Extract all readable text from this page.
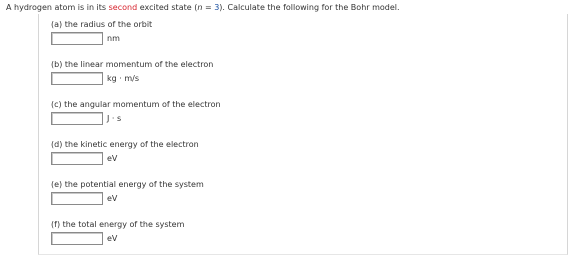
A hydrogen atom is in its second excited state (n = 3). Calculate the following for the Bohr model.
(a) the radius of the orbit
nm
(b) the linear momentum of the electron
kg · m/s
(c) the angular momentum of the electron
J · s
(d) the kinetic energy of the electron
eV
(e) the potential energy of the system
eV
(f) the total energy of the system
eV
